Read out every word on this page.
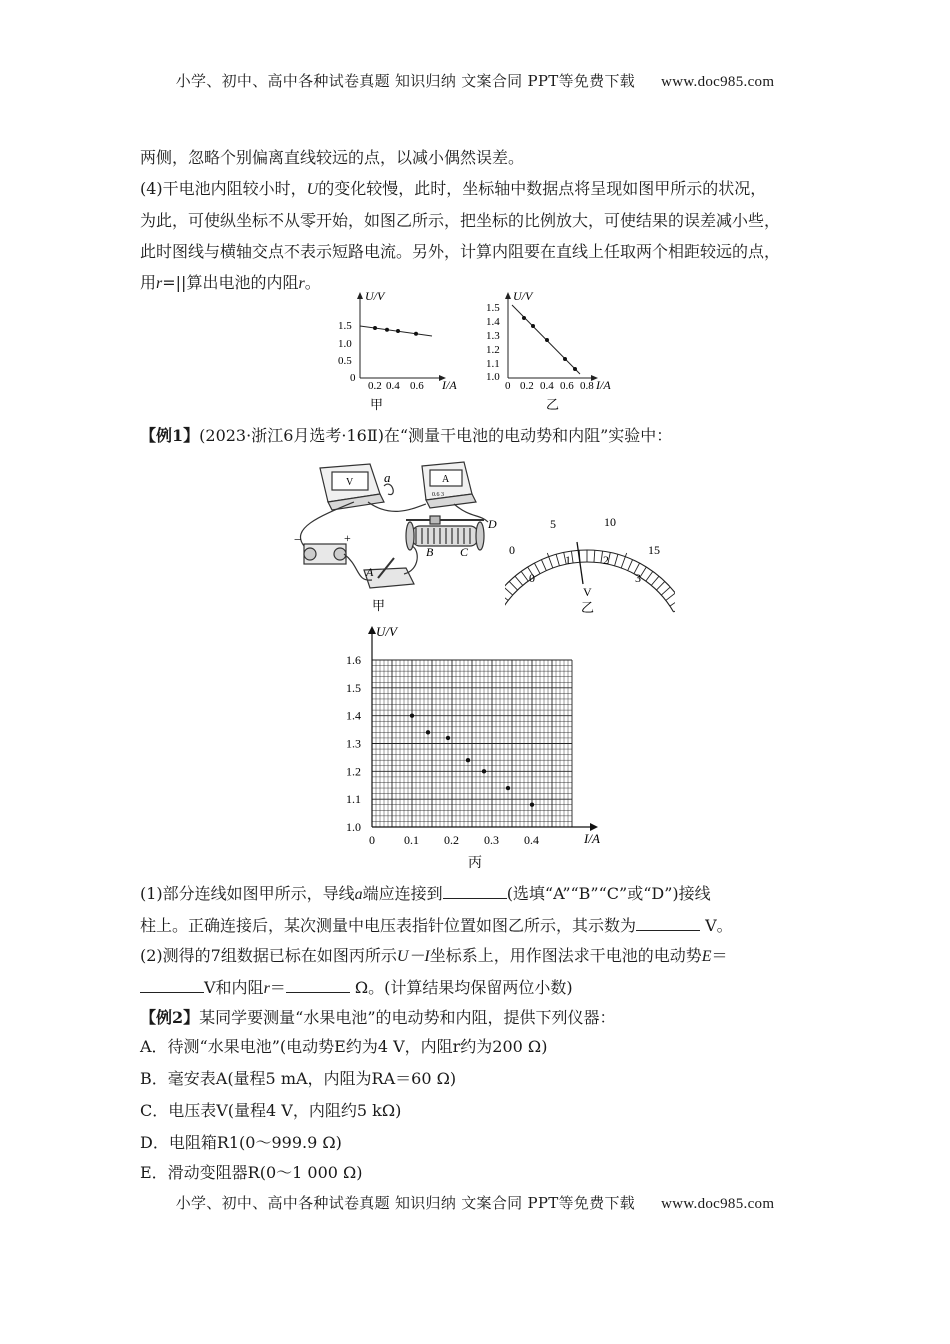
小学、初中、高中各种试卷真题 知识归纳 文案合同 PPT等免费下载 www.doc985.com
两侧，忽略个别偏离直线较远的点，以减小偶然误差。
(4)干电池内阻较小时，U的变化较慢，此时，坐标轴中数据点将呈现如图甲所示的状况，
为此，可使纵坐标不从零开始，如图乙所示，把坐标的比例放大，可使结果的误差减小些，
此时图线与横轴交点不表示短路电流。另外，计算内阻要在直线上任取两个相距较远的点，
用r=||算出电池的内阻r。
U/V
I/A
1.5
1.0
0.5
0
0.2 0.4 0.6
甲
U/V
I/A
1.5
1.4
1.3
1.2
1.1
1.0
0 0.2 0.4 0.6 0.8
乙
【例1】(2023·浙江6月选考·16Ⅱ)在“测量干电池的电动势和内阻”实验中：
a
A
B C
D
−	+
V	A
0.6 3
甲
5	10
0	15
0
1	2
3
V
乙
1.0
1.1
1.2
1.3
1.4
1.5
1.6
0 0.1 0.2 0.3 0.4
U/V
I/A
丙
(1)部分连线如图甲所示，导线a端应连接到	(选填“A”“B”“C”或“D”)接线
柱上。正确连接后，某次测量中电压表指针位置如图乙所示，其示数为	V。
(2)测得的7组数据已标在如图丙所示U－I坐标系上，用作图法求干电池的电动势E＝
V和内阻r＝	Ω。(计算结果均保留两位小数)
【例2】某同学要测量“水果电池”的电动势和内阻，提供下列仪器：
A．待测“水果电池”(电动势E约为4 V，内阻r约为200 Ω)
B．毫安表A(量程5 mA，内阻为RA＝60 Ω)
C．电压表V(量程4 V，内阻约5 kΩ)
D．电阻箱R1(0～999.9 Ω)
E．滑动变阻器R(0～1 000 Ω)
小学、初中、高中各种试卷真题 知识归纳 文案合同 PPT等免费下载 www.doc985.com
